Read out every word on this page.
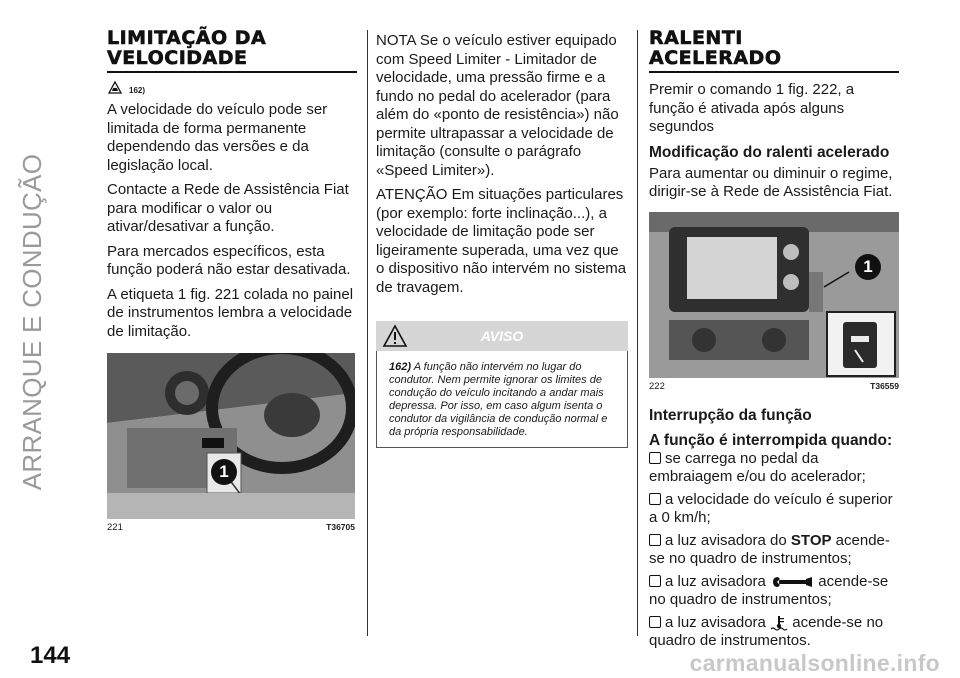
ARRANQUE E CONDUÇÃO
144
LIMITAÇÃO DA
VELOCIDADE
162)

A velocidade do veículo pode ser limitada de forma permanente dependendo das versões e da legislação local.

Contacte a Rede de Assistência Fiat para modificar o valor ou ativar/desativar a função.

Para mercados específicos, esta função poderá não estar desativada.

A etiqueta 1 fig. 221 colada no painel de instrumentos lembra a velocidade de limitação.

1
221	T36705

NOTA Se o veículo estiver equipado com Speed Limiter - Limitador de velocidade, uma pressão firme e a fundo no pedal do acelerador (para além do «ponto de resistência») não permite ultrapassar a velocidade de limitação (consulte o parágrafo «Speed Limiter»).

ATENÇÃO Em situações particulares (por exemplo: forte inclinação...), a velocidade de limitação pode ser ligeiramente superada, uma vez que o dispositivo não intervém no sistema de travagem.

AVISO
162) A função não intervém no lugar do condutor. Nem permite ignorar os limites de condução do veículo incitando a andar mais depressa. Por isso, em caso algum isenta o condutor da vigilância de condução normal e da própria responsabilidade.
RALENTI
ACELERADO

Premir o comando 1 fig. 222, a função é ativada após alguns segundos

Modificação do ralenti acelerado

Para aumentar ou diminuir o regime, dirigir-se à Rede de Assistência Fiat.

1
222	T36559

Interrupção da função

A função é interrompida quando:

se carrega no pedal da embraiagem e/ou do acelerador;
a velocidade do veículo é superior a 0 km/h;
a luz avisadora do STOP acende-se no quadro de instrumentos;
a luz avisadora	acende-se no quadro de instrumentos;
a luz avisadora  acende-se no quadro de instrumentos.
carmanualsonline.info
